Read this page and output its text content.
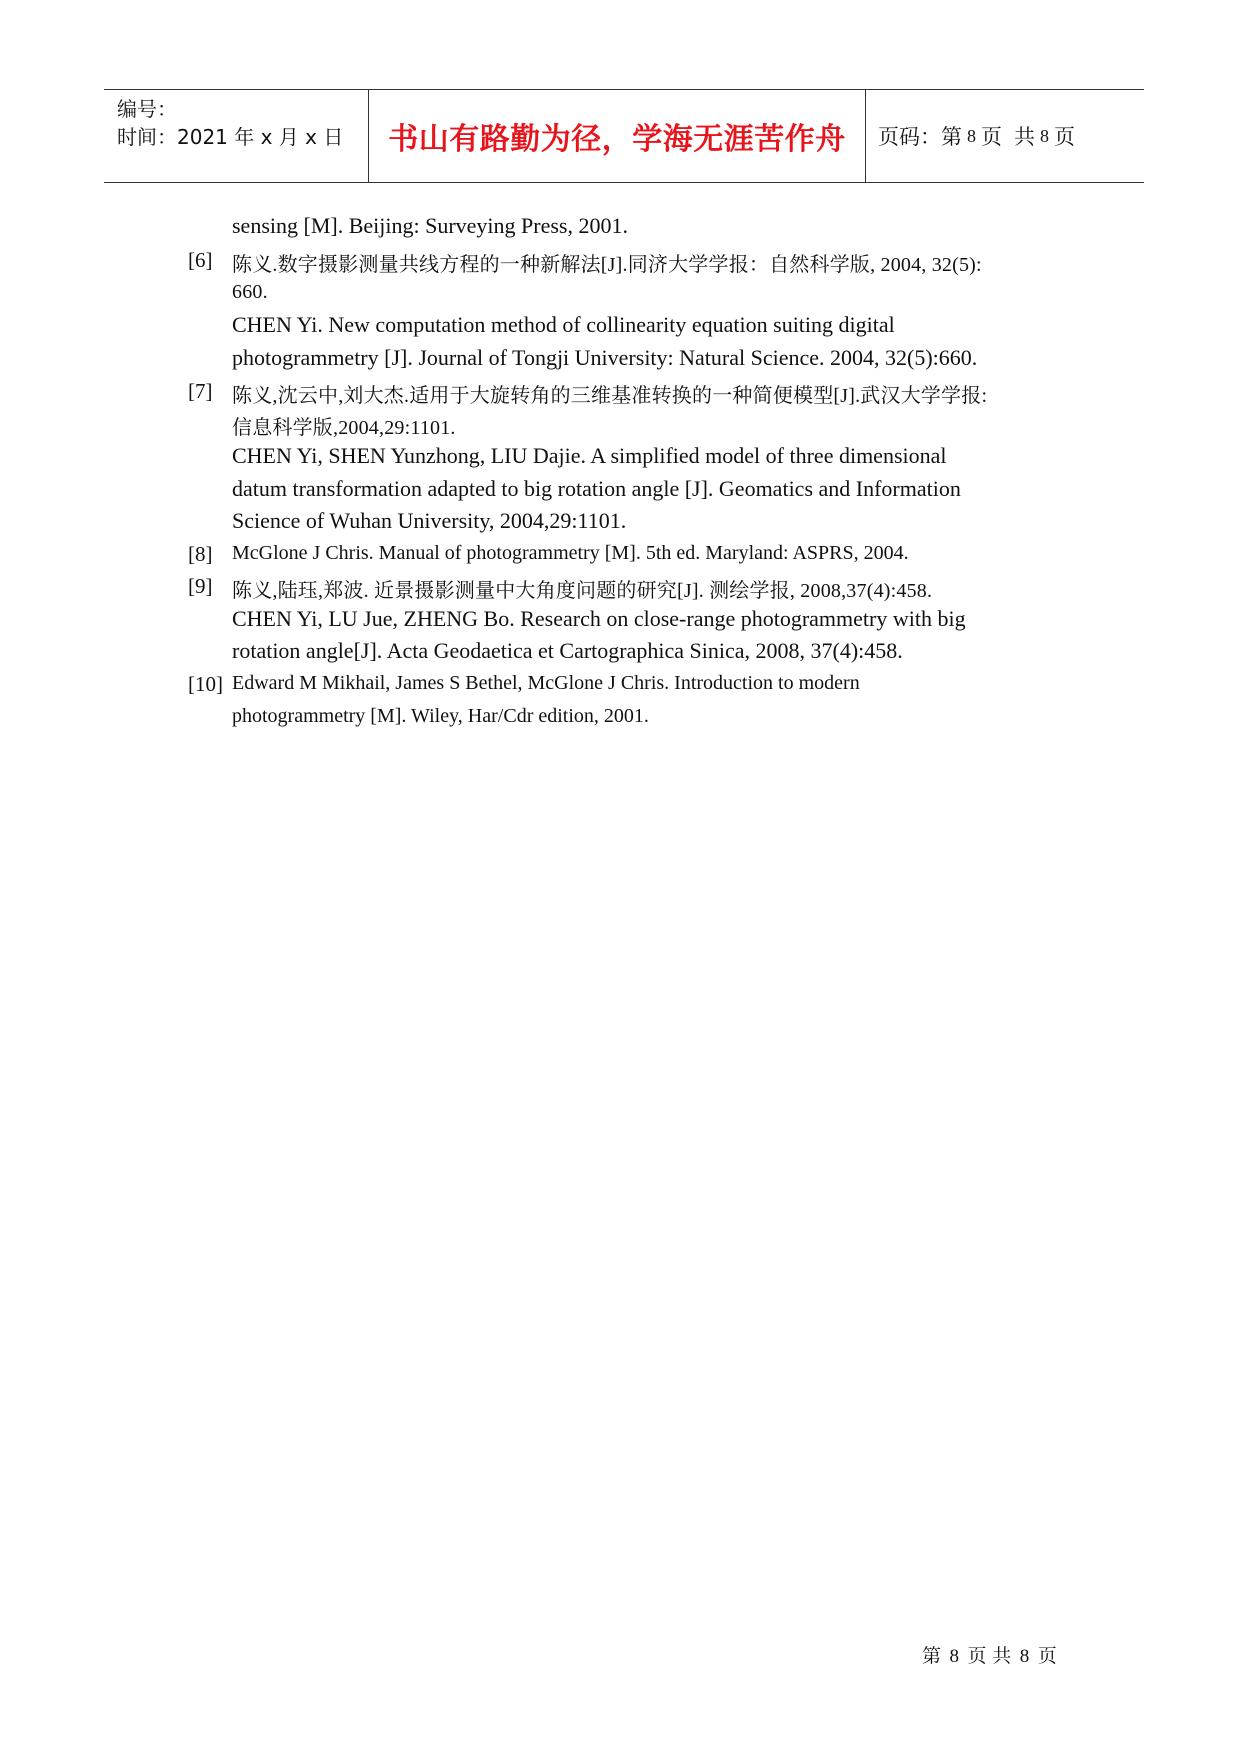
编号：
时间：2021 年 x 月 x 日 书山有路勤为径，学海无涯苦作舟 页码：第 8 页 共 8 页
sensing [M]. Beijing: Surveying Press, 2001.
[6] 陈义.数字摄影测量共线方程的一种新解法[J].同济大学学报：自然科学版, 2004, 32(5):
660.
CHEN Yi. New computation method of collinearity equation suiting digital
photogrammetry [J]. Journal of Tongji University: Natural Science. 2004, 32(5):660.
[7] 陈义,沈云中,刘大杰.适用于大旋转角的三维基准转换的一种简便模型[J].武汉大学学报:
信息科学版,2004,29:1101.
CHEN Yi, SHEN Yunzhong, LIU Dajie. A simplified model of three dimensional
datum transformation adapted to big rotation angle [J]. Geomatics and Information
Science of Wuhan University, 2004,29:1101.
[8] McGlone J Chris. Manual of photogrammetry [M]. 5th ed. Maryland: ASPRS, 2004.
[9] 陈义,陆珏,郑波. 近景摄影测量中大角度问题的研究[J]. 测绘学报, 2008,37(4):458.
CHEN Yi, LU Jue, ZHENG Bo. Research on close-range photogrammetry with big
rotation angle[J]. Acta Geodaetica et Cartographica Sinica, 2008, 37(4):458.
[10] Edward M Mikhail, James S Bethel, McGlone J Chris. Introduction to modern
photogrammetry [M]. Wiley, Har/Cdr edition, 2001.
第 8 页 共 8 页
